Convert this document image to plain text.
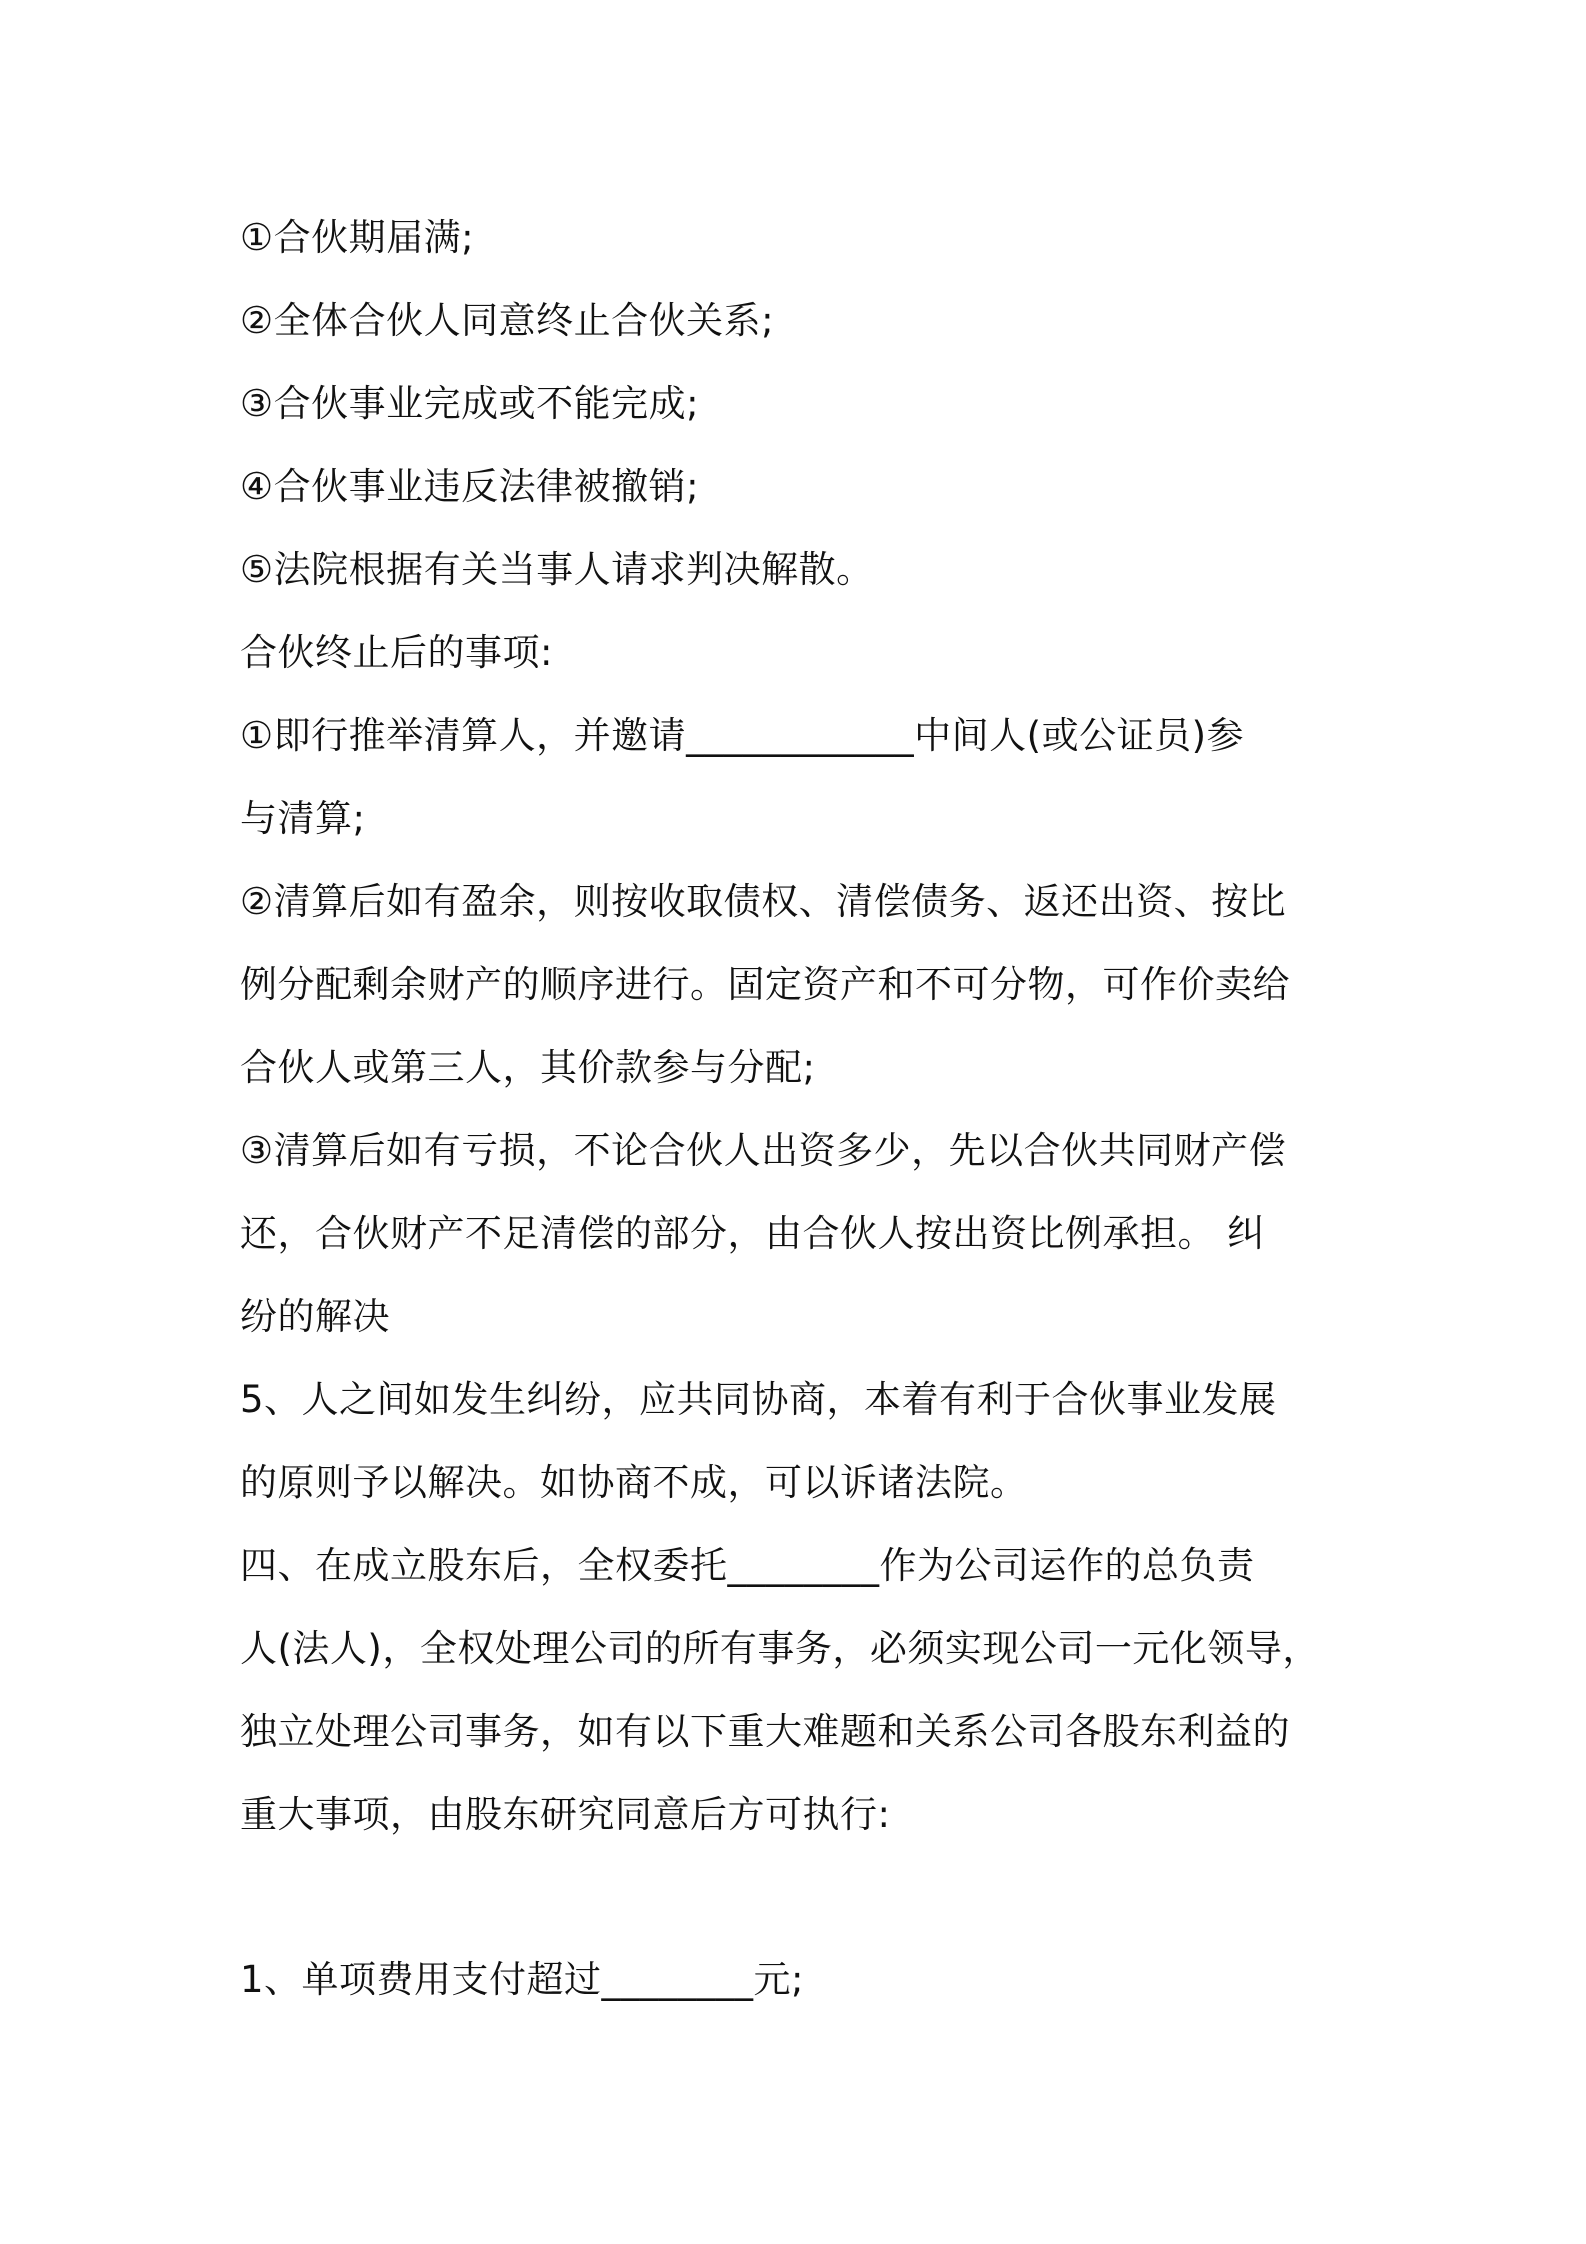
①合伙期届满;
②全体合伙人同意终止合伙关系;
③合伙事业完成或不能完成;
④合伙事业违反法律被撤销;
⑤法院根据有关当事人请求判决解散。
合伙终止后的事项:
①即行推举清算人，并邀请____________中间人(或公证员)参
与清算;
②清算后如有盈余，则按收取债权、清偿债务、返还出资、按比
例分配剩余财产的顺序进行。固定资产和不可分物，可作价卖给
合伙人或第三人，其价款参与分配;
③清算后如有亏损，不论合伙人出资多少，先以合伙共同财产偿
还，合伙财产不足清偿的部分，由合伙人按出资比例承担。 纠
纷的解决
5、人之间如发生纠纷，应共同协商，本着有利于合伙事业发展
的原则予以解决。如协商不成，可以诉诸法院。
四、在成立股东后，全权委托________作为公司运作的总负责
人(法人)，全权处理公司的所有事务，必须实现公司一元化领导，
独立处理公司事务，如有以下重大难题和关系公司各股东利益的
重大事项，由股东研究同意后方可执行:
1、单项费用支付超过________元;
